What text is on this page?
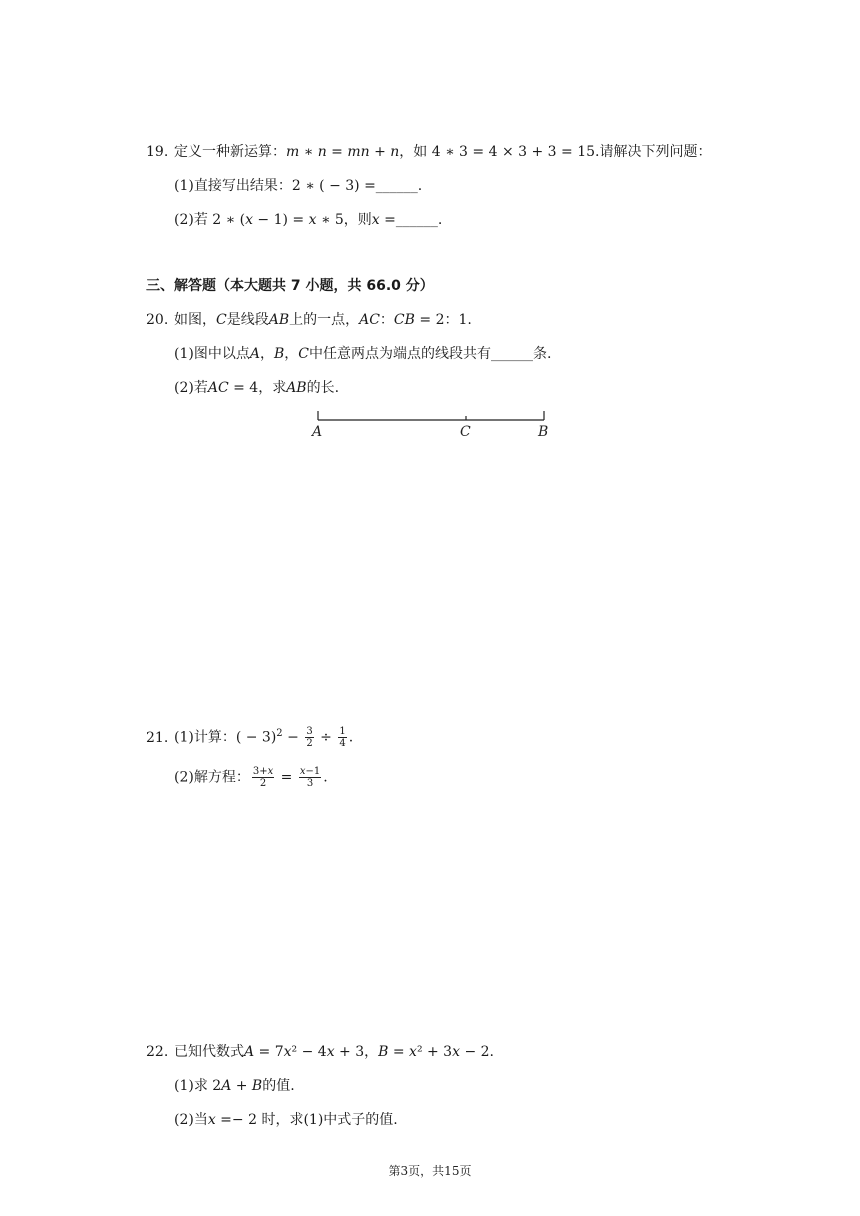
19. 定义一种新运算：𝑚 ∗ 𝑛 = 𝑚𝑛 + 𝑛，如 4 ∗ 3 = 4 × 3 + 3 = 15.请解决下列问题：
(1)直接写出结果：2 ∗ ( − 3) =______.
(2)若 2 ∗ (𝑥 − 1) = 𝑥 ∗ 5，则𝑥 =______.
三、解答题（本大题共 7 小题，共 66.0 分）
20. 如图，𝐶是线段𝐴𝐵上的一点，𝐴𝐶：𝐶𝐵 = 2：1.
(1)图中以点𝐴，𝐵，𝐶中任意两点为端点的线段共有______条.
(2)若𝐴𝐶 = 4，求𝐴𝐵的长.
A	C	B
21. (1)计算：( − $3)^2 - \frac{3}{2} \div \frac{1}{4}$ .
(2)解方程： 3+𝑥
2 = 𝑥−1
3 .
22. 已知代数式𝐴 = 7𝑥² − 4𝑥 + 3，𝐵 = 𝑥² + 3𝑥 − 2.
(1)求 2𝐴 + 𝐵的值.
(2)当𝑥 =− 2 时，求(1)中式子的值.
第3页，共15页
